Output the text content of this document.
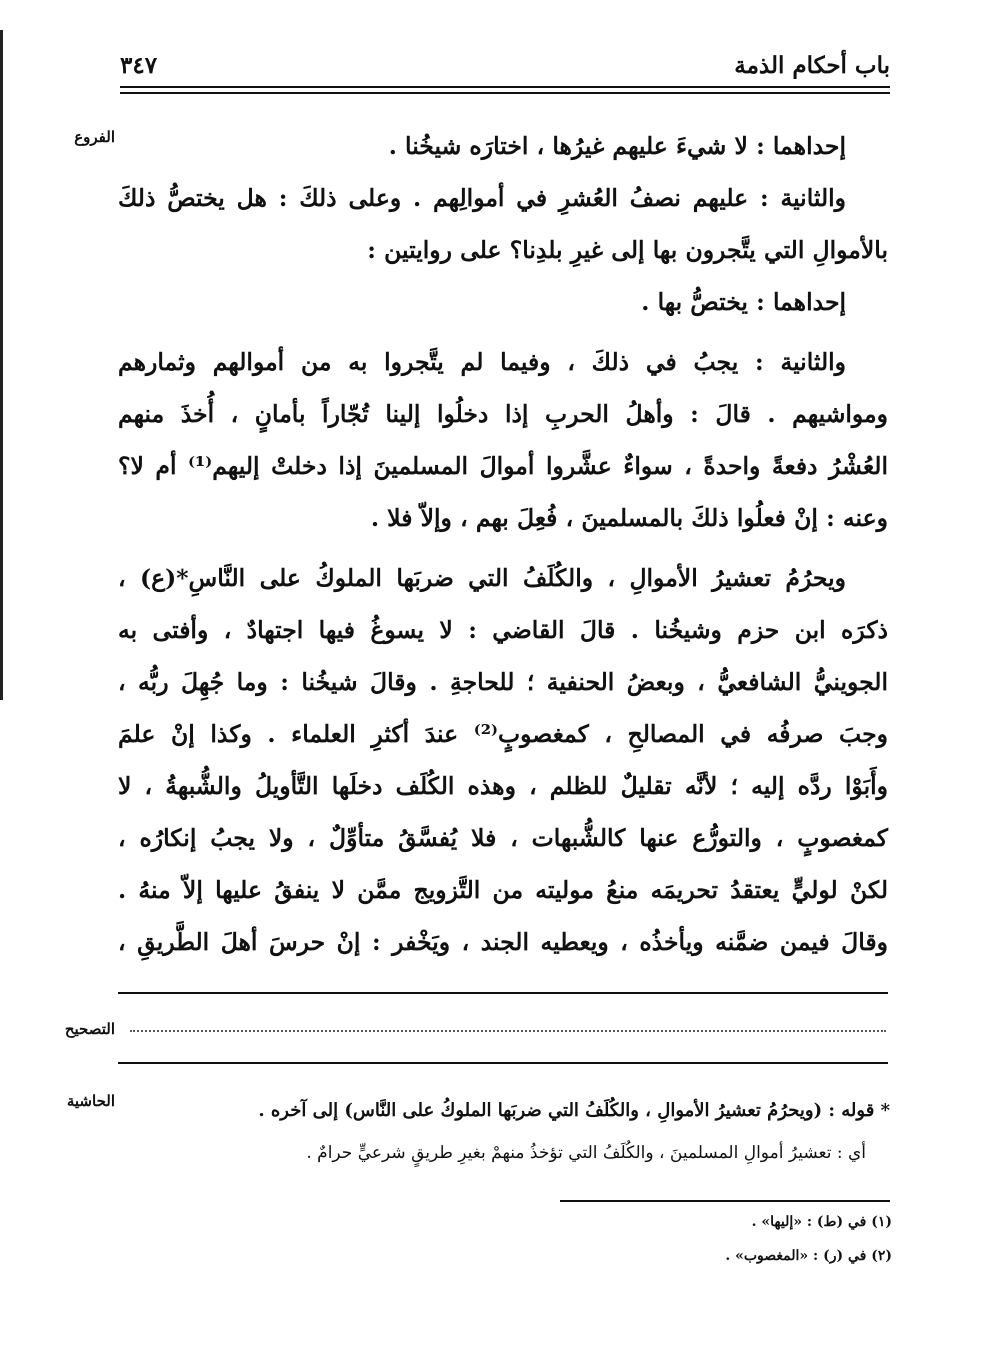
باب أحكام الذمة
٣٤٧
الفروع	إحداهما : لا شيءَ عليهم غيرُها ، اختارَه شيخُنا .
والثانية : عليهم نصفُ العُشرِ في أموالِهم . وعلى ذلكَ : هل يختصُّ ذلكَ
بالأموالِ التي يتَّجرون بها إلى غيرِ بلدِنا؟ على روايتين :
إحداهما : يختصُّ بها .
والثانية : يجبُ في ذلكَ ، وفيما لم يتَّجروا به من أموالهم وثمارهم
ومواشيهم . قالَ : وأهلُ الحربِ إذا دخلُوا إلينا تُجّاراً بأمانٍ ، أُخذَ منهم
العُشْرُ دفعةً واحدةً ، سواءٌ عشَّروا أموالَ المسلمينَ إذا دخلتْ إليهم⁽¹⁾ أم لا؟
وعنه : إنْ فعلُوا ذلكَ بالمسلمينَ ، فُعِلَ بهم ، وإلاّ فلا .
ويحرُمُ تعشيرُ الأموالِ ، والكُلَفُ التي ضربَها الملوكُ على النَّاسِ*(ع) ،
ذكرَه ابن حزم وشيخُنا . قالَ القاضي : لا يسوغُ فيها اجتهادٌ ، وأفتى به
الجوينيُّ الشافعيُّ ، وبعضُ الحنفية ؛ للحاجةِ . وقالَ شيخُنا : وما جُهِلَ ربُّه ،
وجبَ صرفُه في المصالحِ ، كمغصوبٍ⁽²⁾ عندَ أكثرِ العلماء . وكذا إنْ علمَ
وأَبَوْا ردَّه إليه ؛ لأنَّه تقليلٌ للظلم ، وهذه الكُلَف دخلَها التَّأويلُ والشُّبهةُ ، لا
كمغصوبٍ ، والتورُّع عنها كالشُّبهات ، فلا يُفسَّقُ متأوِّلٌ ، ولا يجبُ إنكارُه ،
لكنْ لوليٍّ يعتقدُ تحريمَه منعُ موليته من التَّزويج ممَّن لا ينفقُ عليها إلاّ منهُ .
وقالَ فيمن ضمَّنه ويأخذُه ، ويعطيه الجند ، ويَخْفر : إنْ حرسَ أهلَ الطَّريقِ ،
التصحيح
الحاشية	* قوله : (ويحرُمُ تعشيرُ الأموالِ ، والكُلَفُ التي ضربَها الملوكُ على النَّاس) إلى آخره .
أي : تعشيرُ أموالِ المسلمينَ ، والكُلَفُ التي تؤخذُ منهمْ بغيرِ طريقٍ شرعيٍّ حرامٌ .
(١) في (ط) : «إليها» .
(٢) في (ر) : «المغصوب» .
